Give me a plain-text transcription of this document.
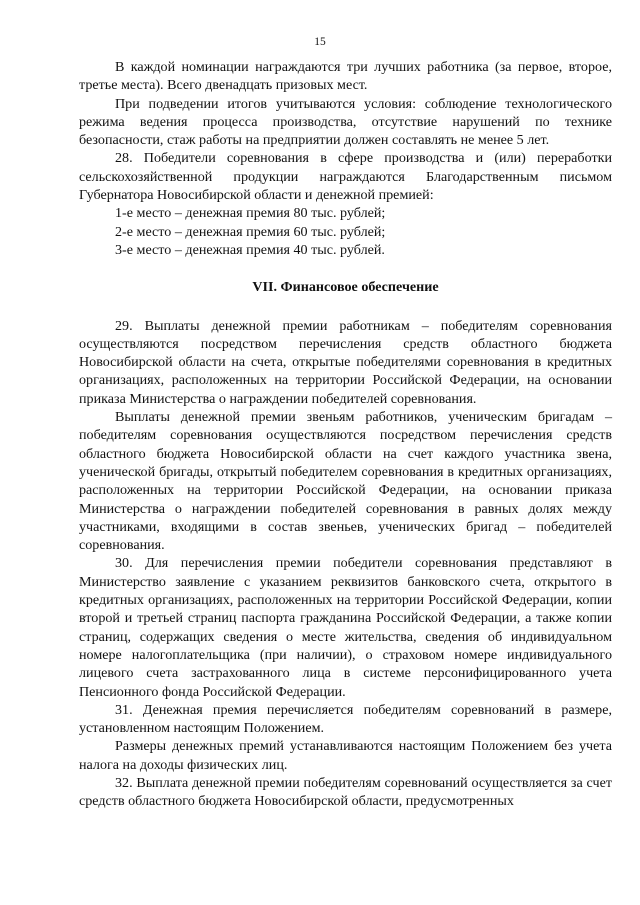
15

В каждой номинации награждаются три лучших работника (за первое, второе, третье места). Всего двенадцать призовых мест.

При подведении итогов учитываются условия: соблюдение технологического режима ведения процесса производства, отсутствие нарушений по технике безопасности, стаж работы на предприятии должен составлять не менее 5 лет.

28. Победители соревнования в сфере производства и (или) переработки сельскохозяйственной продукции награждаются Благодарственным письмом Губернатора Новосибирской области и денежной премией:

1-е место – денежная премия 80 тыс. рублей;

2-е место – денежная премия 60 тыс. рублей;

3-е место – денежная премия 40 тыс. рублей.

VII. Финансовое обеспечение

29. Выплаты денежной премии работникам – победителям соревнования осуществляются посредством перечисления средств областного бюджета Новосибирской области на счета, открытые победителями соревнования в кредитных организациях, расположенных на территории Российской Федерации, на основании приказа Министерства о награждении победителей соревнования.

Выплаты денежной премии звеньям работников, ученическим бригадам – победителям соревнования осуществляются посредством перечисления средств областного бюджета Новосибирской области на счет каждого участника звена, ученической бригады, открытый победителем соревнования в кредитных организациях, расположенных на территории Российской Федерации, на основании приказа Министерства о награждении победителей соревнования в равных долях между участниками, входящими в состав звеньев, ученических бригад – победителей соревнования.

30. Для перечисления премии победители соревнования представляют в Министерство заявление с указанием реквизитов банковского счета, открытого в кредитных организациях, расположенных на территории Российской Федерации, копии второй и третьей страниц паспорта гражданина Российской Федерации, а также копии страниц, содержащих сведения о месте жительства, сведения об индивидуальном номере налогоплательщика (при наличии), о страховом номере индивидуального лицевого счета застрахованного лица в системе персонифицированного учета Пенсионного фонда Российской Федерации.

31. Денежная премия перечисляется победителям соревнований в размере, установленном настоящим Положением.

Размеры денежных премий устанавливаются настоящим Положением без учета налога на доходы физических лиц.

32. Выплата денежной премии победителям соревнований осуществляется за счет средств областного бюджета Новосибирской области, предусмотренных
